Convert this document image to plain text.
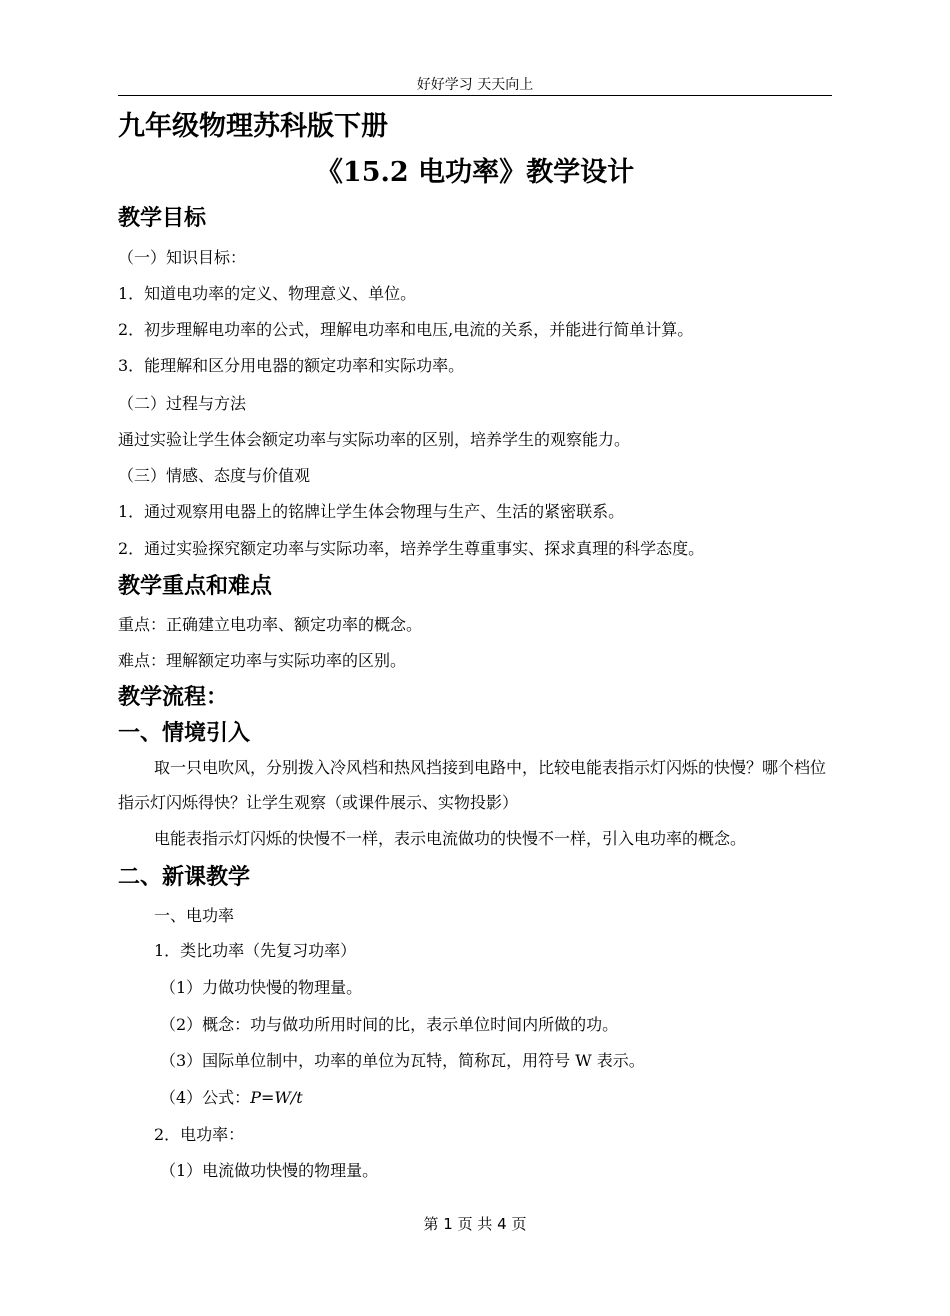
好好学习 天天向上
九年级物理苏科版下册
《15.2 电功率》教学设计
教学目标
（一）知识目标：
1．知道电功率的定义、物理意义、单位。
2．初步理解电功率的公式，理解电功率和电压,电流的关系，并能进行简单计算。
3．能理解和区分用电器的额定功率和实际功率。
（二）过程与方法
通过实验让学生体会额定功率与实际功率的区别，培养学生的观察能力。
（三）情感、态度与价值观
1．通过观察用电器上的铭牌让学生体会物理与生产、生活的紧密联系。
2．通过实验探究额定功率与实际功率，培养学生尊重事实、探求真理的科学态度。
教学重点和难点
重点：正确建立电功率、额定功率的概念。
难点：理解额定功率与实际功率的区别。
教学流程：
一、情境引入
取一只电吹风，分别拨入冷风档和热风挡接到电路中，比较电能表指示灯闪烁的快慢？哪个档位指示灯闪烁得快？让学生观察（或课件展示、实物投影）
电能表指示灯闪烁的快慢不一样，表示电流做功的快慢不一样，引入电功率的概念。
二、新课教学
一、电功率
1．类比功率（先复习功率）
（1）力做功快慢的物理量。
（2）概念：功与做功所用时间的比，表示单位时间内所做的功。
（3）国际单位制中，功率的单位为瓦特，简称瓦，用符号 W 表示。
（4）公式：P=W/t
2．电功率：
（1）电流做功快慢的物理量。
第 1 页 共 4 页
